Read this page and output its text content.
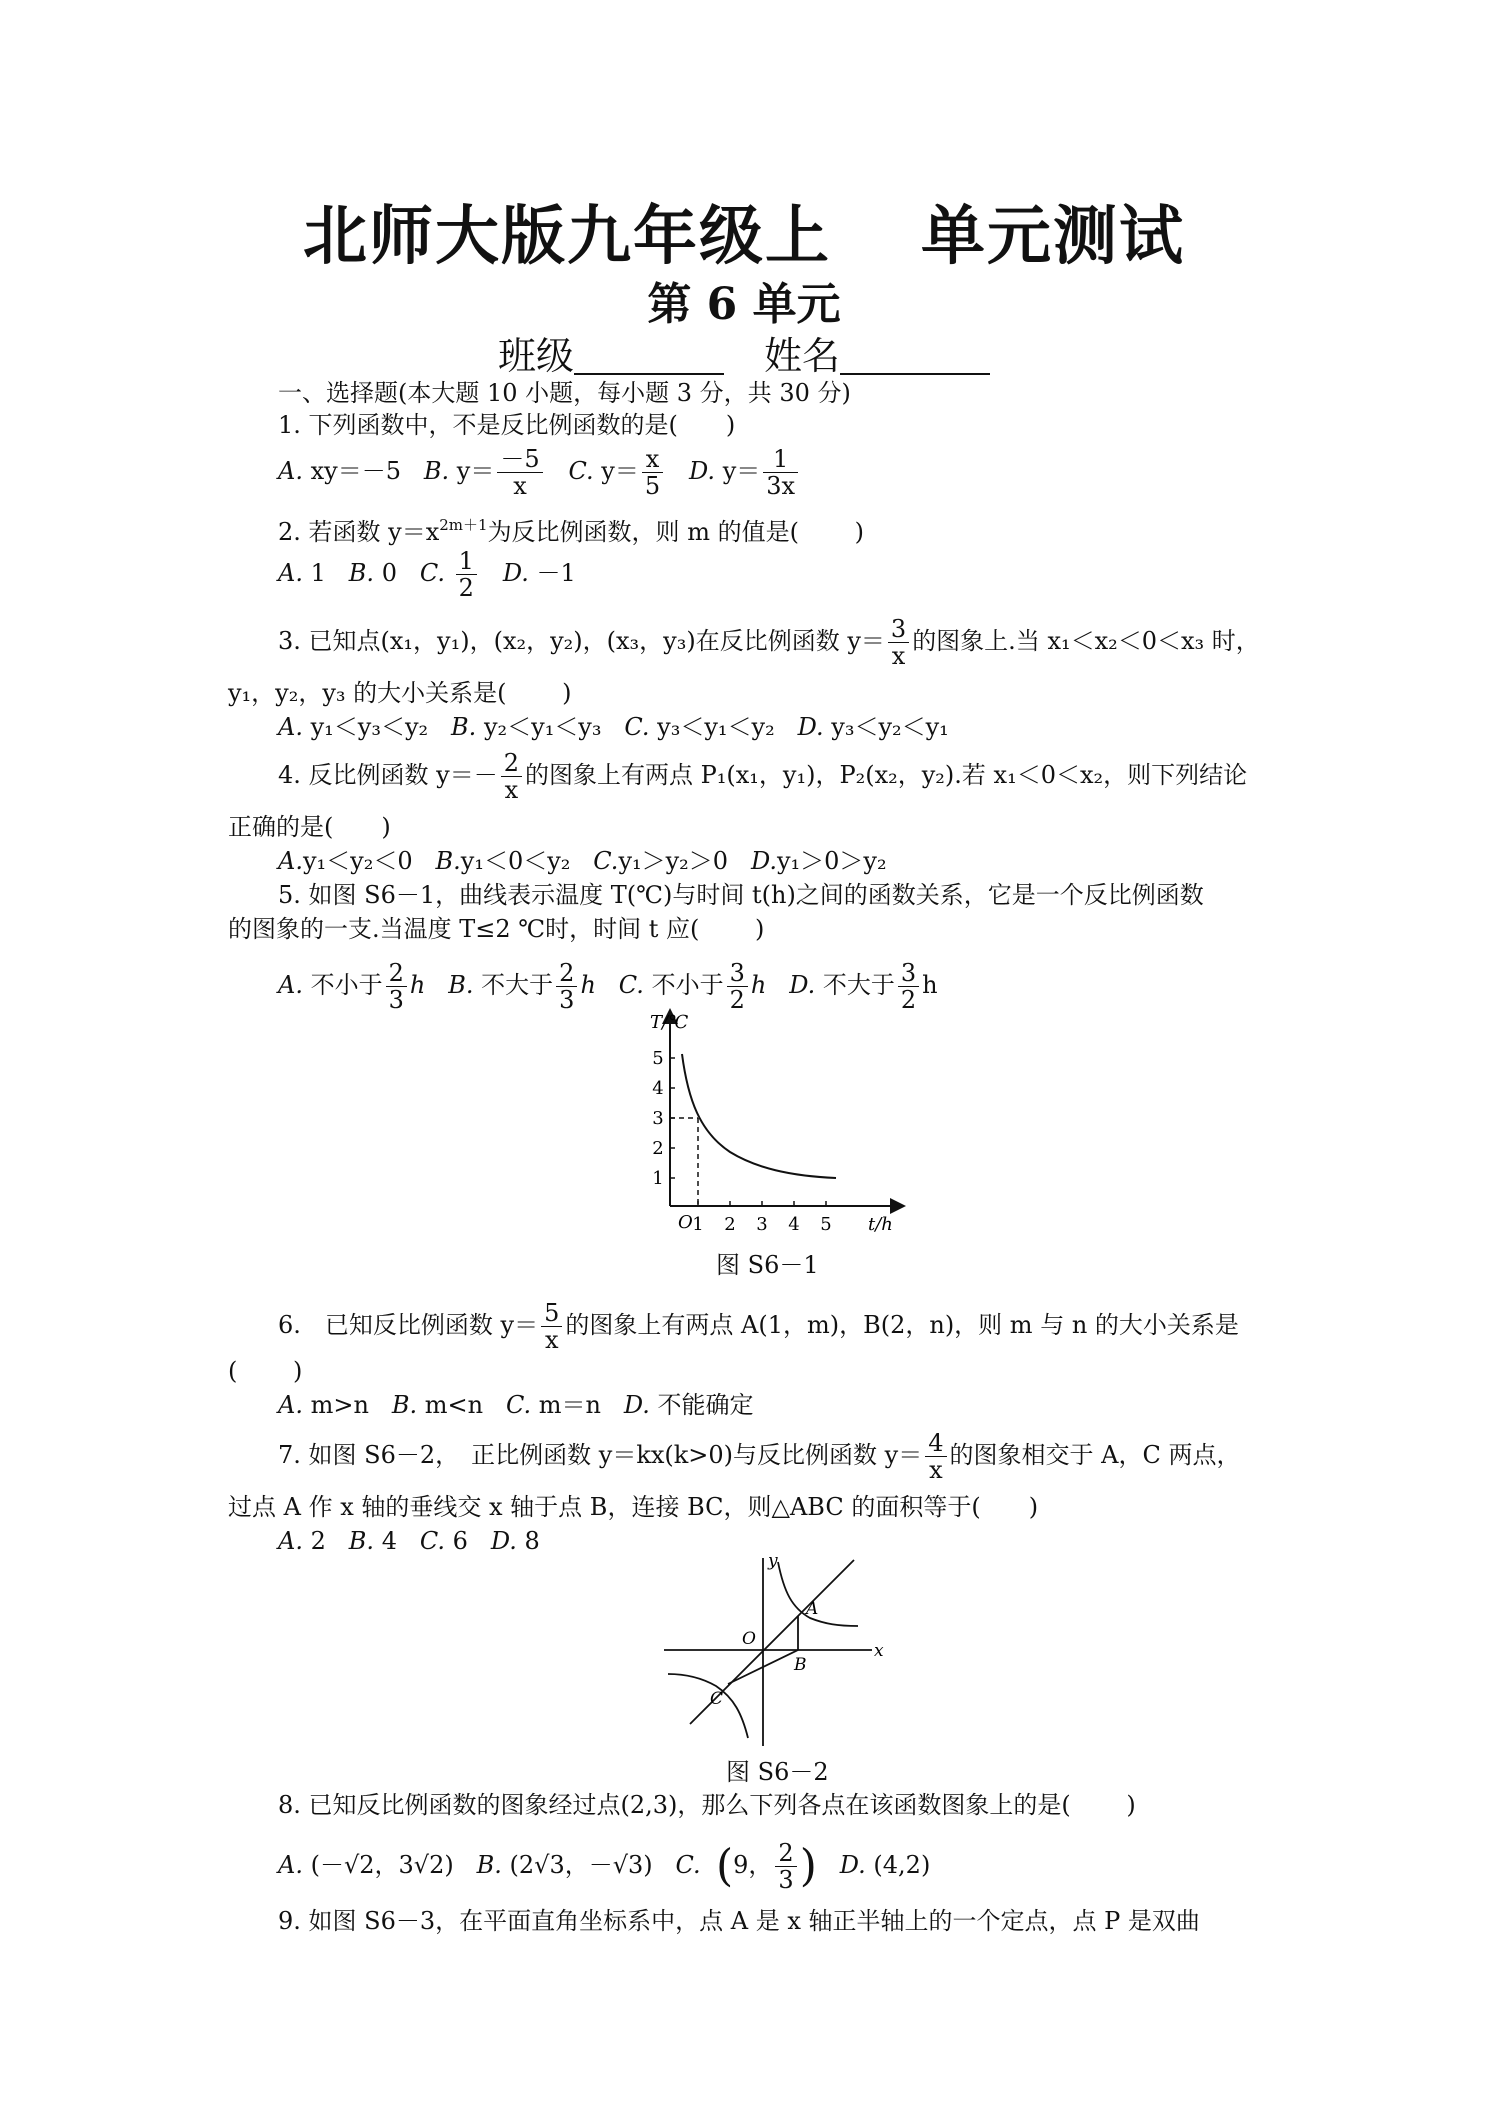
北师大版九年级上 单元测试
第 6 单元
班级	姓名
一、选择题(本大题 10 小题，每小题 3 分，共 30 分)
1. 下列函数中，不是反比例函数的是(　　)
A. xy＝－5 B. $y= \frac{-5}{x} C$. $y= \frac{x}{5} D$. $y= \frac{1}{3x}$
2. 若函数 $y=x^{2m+1}$为反比例函数，则 m 的值是(　　 )
A. 1 B. 0 C. $\frac{1}{2} D$. －1
3. 已知点(x₁，y₁)，(x₂，y₂)，(x₃，y₃)在反比例函数 $y= \frac{3}{x}$ 的图象上.当 x₁＜x₂＜0＜x₃ 时，
y₁，y₂，y₃ 的大小关系是(　　 )
A. y₁＜y₃＜y₂ B. y₂＜y₁＜y₃ C. y₃＜y₁＜y₂ D. y₃＜y₂＜y₁
4. 反比例函数 $y=- \frac{2}{x}$ 的图象上有两点 P₁(x₁，y₁)，P₂(x₂，y₂).若 x₁＜0＜x₂，则下列结论
正确的是(　　)
A.y₁＜y₂＜0 B.y₁＜0＜y₂ C.y₁＞y₂＞0 D.y₁＞0＞y₂
5. 如图 S6－1，曲线表示温度 T(℃)与时间 t(h)之间的函数关系，它是一个反比例函数
的图象的一支.当温度 T≤2 ℃时，时间 t 应(　　 )
A. 不小于 $\frac{2}{3}$ h B. 不大于 $\frac{2}{3}$ h C. 不小于 $\frac{3}{2}$ h D. 不大于 $\frac{3}{2}$ h
T/℃
t/h
O 1 2 3 4 5
1
2
3
4
5
图 S6－1
6.　已知反比例函数 $y= \frac{5}{x}$ 的图象上有两点 A(1，m)，B(2，n)，则 m 与 n 的大小关系是
(　　 )
A. m>n B. m<n C. m＝n D. 不能确定
7. 如图 S6－2，　正比例函数 y＝kx(k>0)与反比例函数 $y= \frac{4}{x}$ 的图象相交于 A，C 两点，
过点 A 作 x 轴的垂线交 x 轴于点 B，连接 BC，则△ABC 的面积等于(　　)
A. 2 B. 4 C. 6 D. 8
x
y
O
A
B
C
图 S6－2
8. 已知反比例函数的图象经过点(2,3)，那么下列各点在该函数图象上的是(　　 )
A. (－√2，3√2) B. (2√3，－√3) C. (9， $\frac{2}{3}$ ) D. (4,2)
9. 如图 S6－3，在平面直角坐标系中，点 A 是 x 轴正半轴上的一个定点，点 P 是双曲
